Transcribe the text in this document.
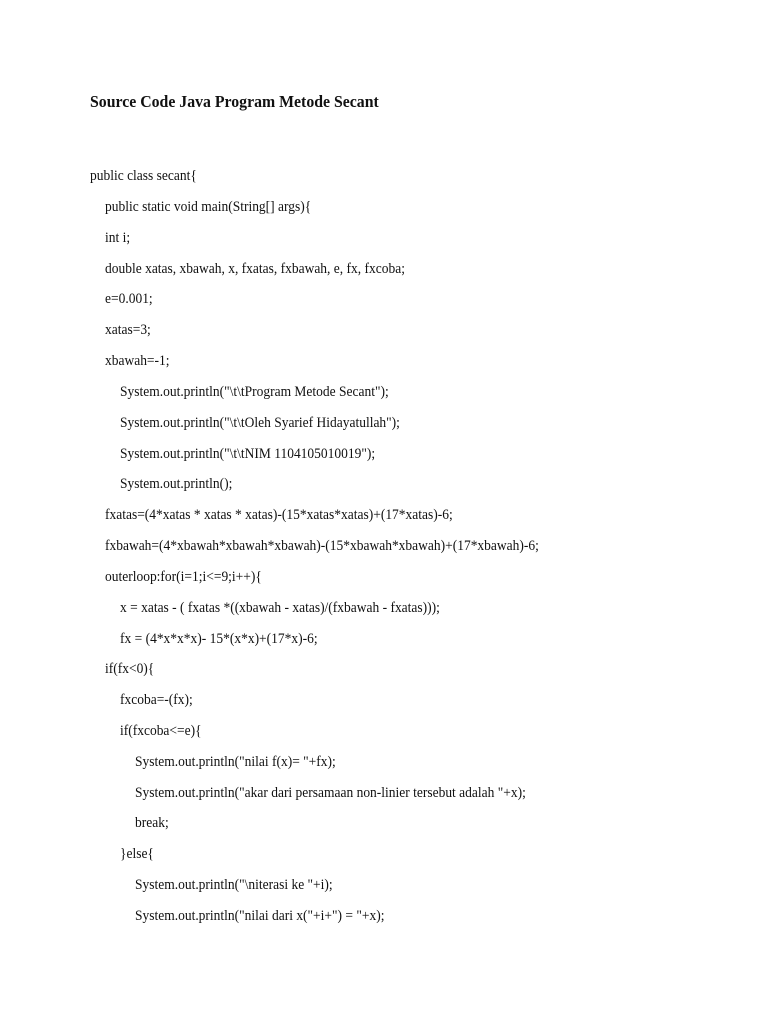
Source Code Java Program Metode Secant
public class secant{
public static void main(String[] args){
int i;
double xatas, xbawah, x, fxatas, fxbawah, e, fx, fxcoba;
e=0.001;
xatas=3;
xbawah=-1;
System.out.println("\t\tProgram Metode Secant");
System.out.println("\t\tOleh Syarief Hidayatullah");
System.out.println("\t\tNIM 1104105010019");
System.out.println();
fxatas=(4*xatas * xatas * xatas)-(15*xatas*xatas)+(17*xatas)-6;
fxbawah=(4*xbawah*xbawah*xbawah)-(15*xbawah*xbawah)+(17*xbawah)-6;
outerloop:for(i=1;i<=9;i++){
x = xatas - ( fxatas *((xbawah - xatas)/(fxbawah - fxatas)));
fx = (4*x*x*x)- 15*(x*x)+(17*x)-6;
if(fx<0){
fxcoba=-(fx);
if(fxcoba<=e){
System.out.println("nilai f(x)= "+fx);
System.out.println("akar dari persamaan non-linier tersebut adalah "+x);
break;
}else{
System.out.println("\niterasi ke "+i);
System.out.println("nilai dari x("+i+") = "+x);
